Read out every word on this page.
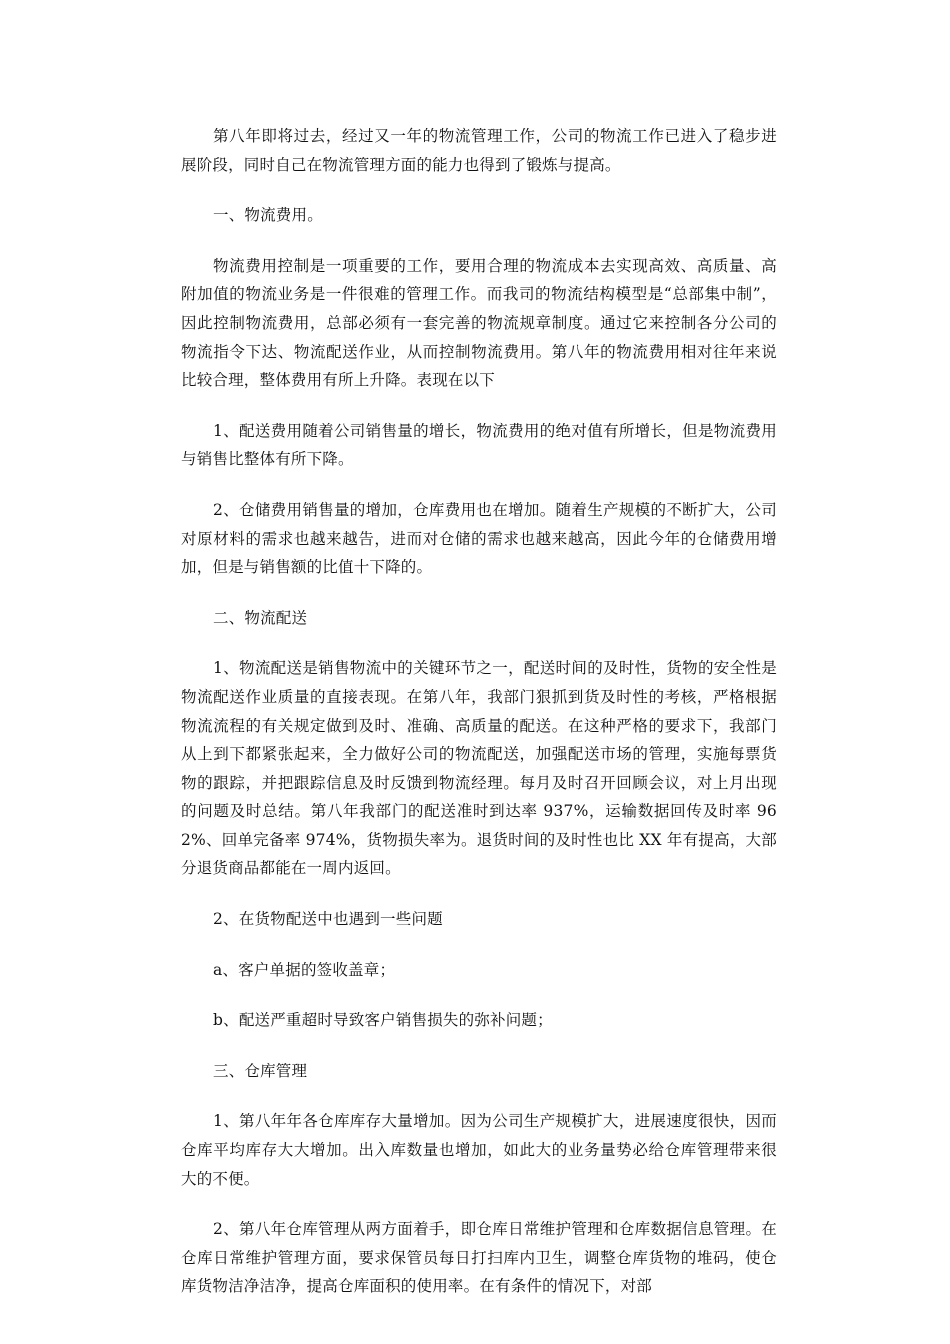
第八年即将过去，经过又一年的物流管理工作，公司的物流工作已进入了稳步进展阶段，同时自己在物流管理方面的能力也得到了锻炼与提高。

一、物流费用。

物流费用控制是一项重要的工作，要用合理的物流成本去实现高效、高质量、高附加值的物流业务是一件很难的管理工作。而我司的物流结构模型是“总部集中制”，因此控制物流费用，总部必须有一套完善的物流规章制度。通过它来控制各分公司的物流指令下达、物流配送作业，从而控制物流费用。第八年的物流费用相对往年来说比较合理，整体费用有所上升降。表现在以下

1、配送费用随着公司销售量的增长，物流费用的绝对值有所增长，但是物流费用与销售比整体有所下降。

2、仓储费用销售量的增加，仓库费用也在增加。随着生产规模的不断扩大，公司对原材料的需求也越来越告，进而对仓储的需求也越来越高，因此今年的仓储费用增加，但是与销售额的比值十下降的。

二、物流配送

1、物流配送是销售物流中的关键环节之一，配送时间的及时性，货物的安全性是物流配送作业质量的直接表现。在第八年，我部门狠抓到货及时性的考核，严格根据物流流程的有关规定做到及时、准确、高质量的配送。在这种严格的要求下，我部门从上到下都紧张起来，全力做好公司的物流配送，加强配送市场的管理，实施每票货物的跟踪，并把跟踪信息及时反馈到物流经理。每月及时召开回顾会议，对上月出现的问题及时总结。第八年我部门的配送准时到达率 937%，运输数据回传及时率 962%、回单完备率 974%，货物损失率为。退货时间的及时性也比 XX 年有提高，大部分退货商品都能在一周内返回。

2、在货物配送中也遇到一些问题

a、客户单据的签收盖章；

b、配送严重超时导致客户销售损失的弥补问题；

三、仓库管理

1、第八年年各仓库库存大量增加。因为公司生产规模扩大，进展速度很快，因而仓库平均库存大大增加。出入库数量也增加，如此大的业务量势必给仓库管理带来很大的不便。

2、第八年仓库管理从两方面着手，即仓库日常维护管理和仓库数据信息管理。在仓库日常维护管理方面，要求保管员每日打扫库内卫生，调整仓库货物的堆码，使仓库货物洁净洁净，提高仓库面积的使用率。在有条件的情况下，对部
